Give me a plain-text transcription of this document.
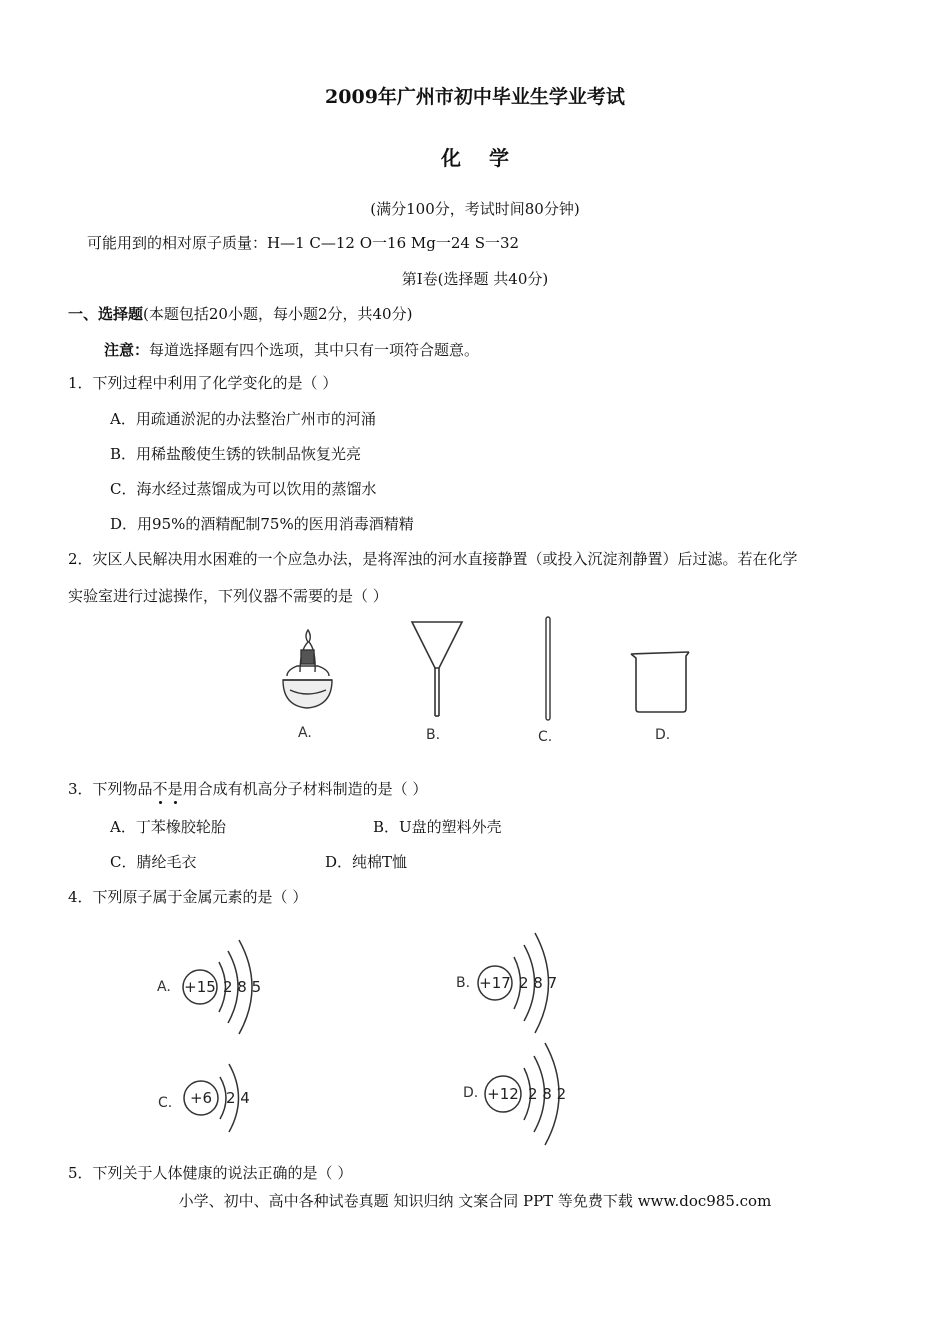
2009年广州市初中毕业生学业考试
化学
(满分100分，考试时间80分钟)
可能用到的相对原子质量：H—1 C—12 O一16 Mg一24 S一32
第Ⅰ卷(选择题 共40分)
一、选择题(本题包括20小题，每小题2分，共40分)
注意：每道选择题有四个选项，其中只有一项符合题意。
1．下列过程中利用了化学变化的是（ ）
A．用疏通淤泥的办法整治广州市的河涌
B．用稀盐酸使生锈的铁制品恢复光亮
C．海水经过蒸馏成为可以饮用的蒸馏水
D．用95%的酒精配制75%的医用消毒酒精精
2．灾区人民解决用水困难的一个应急办法，是将浑浊的河水直接静置（或投入沉淀剂静置）后过滤。若在化学
实验室进行过滤操作，下列仪器不需要的是（ ）
A.	B.	C.	D.
3．下列物品不是用合成有机高分子材料制造的是（ ）
A．丁苯橡胶轮胎	B．U盘的塑料外壳
C．腈纶毛衣	D．纯棉T恤
4．下列原子属于金属元素的是（ ）
A. +15 2 8 5	B. +17 2 8 7
C. +6 2 4	D. +12 2 8 2
5．下列关于人体健康的说法正确的是（ ）
小学、初中、高中各种试卷真题 知识归纳 文案合同 PPT 等免费下载 www.doc985.com
